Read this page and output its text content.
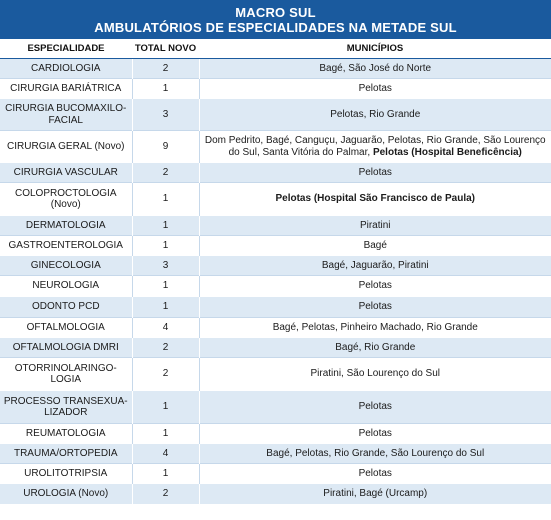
MACRO SUL
AMBULATÓRIOS DE ESPECIALIDADES NA METADE SUL
ESPECIALIDADE	TOTAL NOVO	MUNICÍPIOS
CARDIOLOGIA	2	Bagé, São José do Norte
CIRURGIA BARIÁTRICA	1	Pelotas
CIRURGIA BUCOMAXILO-FACIAL	3	Pelotas, Rio Grande
CIRURGIA GERAL (Novo)	9	Dom Pedrito, Bagé, Canguçu, Jaguarão, Pelotas, Rio Grande, São Lourenço do Sul, Santa Vitória do Palmar, Pelotas (Hospital Beneficência)
CIRURGIA VASCULAR	2	Pelotas
COLOPROCTOLOGIA (Novo)	1	Pelotas (Hospital São Francisco de Paula)
DERMATOLOGIA	1	Piratini
GASTROENTEROLOGIA	1	Bagé
GINECOLOGIA	3	Bagé, Jaguarão, Piratini
NEUROLOGIA	1	Pelotas
ODONTO PCD	1	Pelotas
OFTALMOLOGIA	4	Bagé, Pelotas, Pinheiro Machado, Rio Grande
OFTALMOLOGIA DMRI	2	Bagé, Rio Grande
OTORRINOLARINGO-LOGIA	2	Piratini, São Lourenço do Sul
PROCESSO TRANSEXUA-LIZADOR	1	Pelotas
REUMATOLOGIA	1	Pelotas
TRAUMA/ORTOPEDIA	4	Bagé, Pelotas, Rio Grande, São Lourenço do Sul
UROLITOTRIPSIA	1	Pelotas
UROLOGIA (Novo)	2	Piratini, Bagé (Urcamp)
